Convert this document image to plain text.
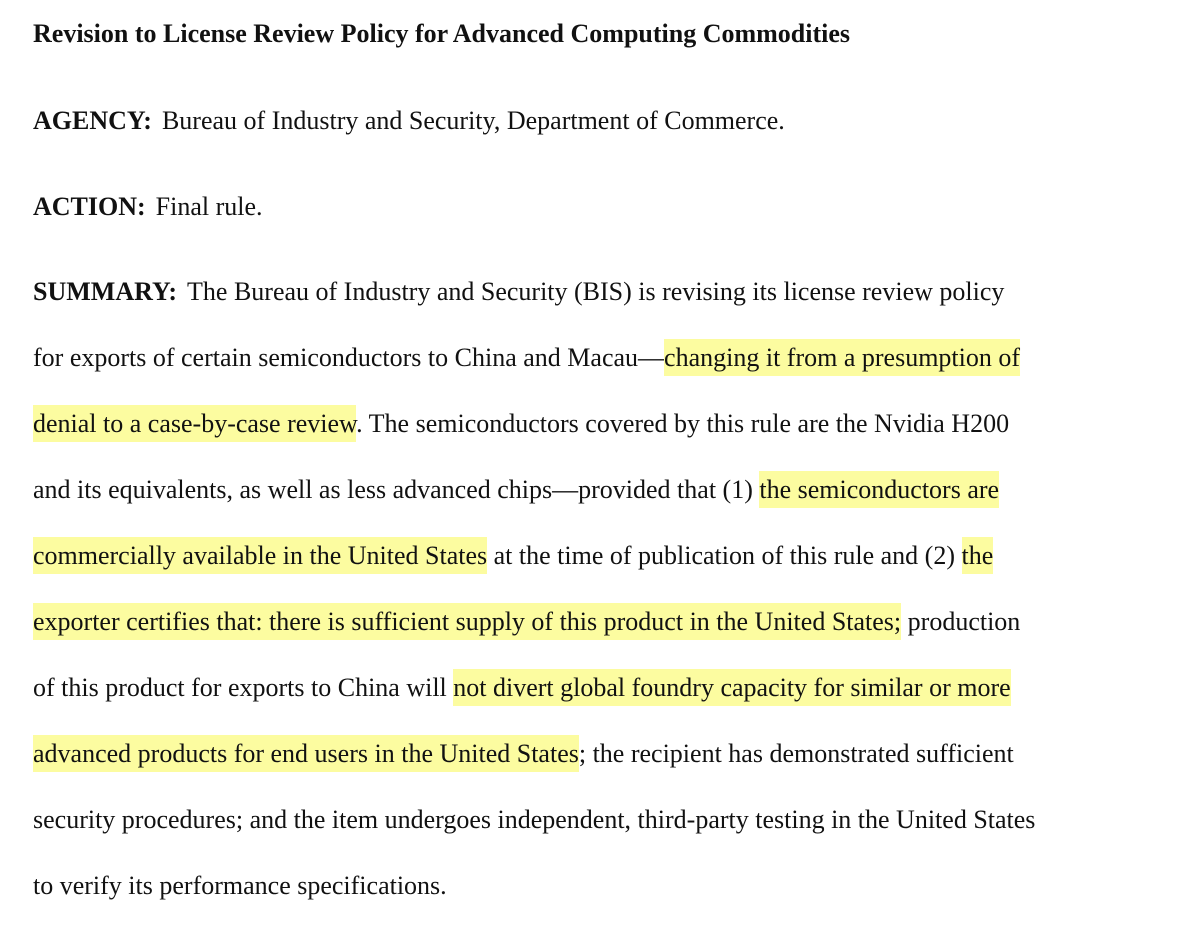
Revision to License Review Policy for Advanced Computing Commodities
AGENCY: Bureau of Industry and Security, Department of Commerce.
ACTION: Final rule.
SUMMARY: The Bureau of Industry and Security (BIS) is revising its license review policy
for exports of certain semiconductors to China and Macau—changing it from a presumption of
denial to a case-by-case review. The semiconductors covered by this rule are the Nvidia H200
and its equivalents, as well as less advanced chips—provided that (1) the semiconductors are
commercially available in the United States at the time of publication of this rule and (2) the
exporter certifies that: there is sufficient supply of this product in the United States; production
of this product for exports to China will not divert global foundry capacity for similar or more
advanced products for end users in the United States; the recipient has demonstrated sufficient
security procedures; and the item undergoes independent, third-party testing in the United States
to verify its performance specifications.
